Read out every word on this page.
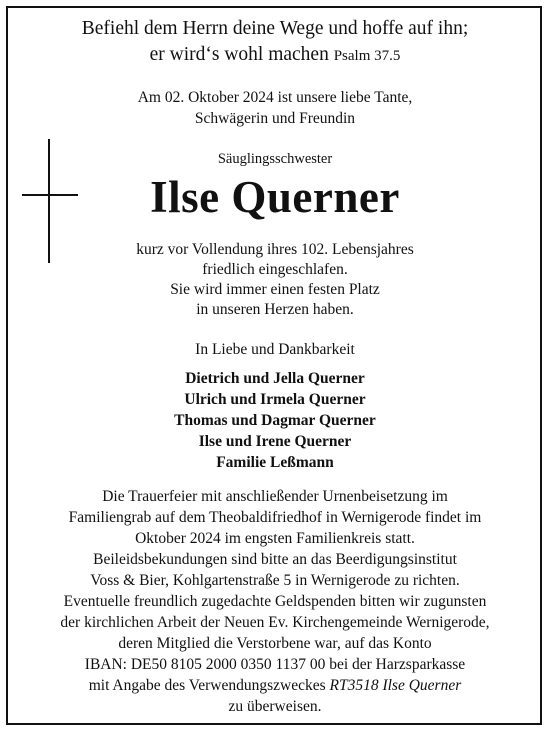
Befiehl dem Herrn deine Wege und hoffe auf ihn;
er wird‘s wohl machen Psalm 37.5
Am 02. Oktober 2024 ist unsere liebe Tante,
Schwägerin und Freundin
Säuglingsschwester
Ilse Querner
kurz vor Vollendung ihres 102. Lebensjahres
friedlich eingeschlafen.
Sie wird immer einen festen Platz
in unseren Herzen haben.
In Liebe und Dankbarkeit
Dietrich und Jella Querner
Ulrich und Irmela Querner
Thomas und Dagmar Querner
Ilse und Irene Querner
Familie Leßmann
Die Trauerfeier mit anschließender Urnenbeisetzung im
Familiengrab auf dem Theobaldifriedhof in Wernigerode findet im
Oktober 2024 im engsten Familienkreis statt.
Beileidsbekundungen sind bitte an das Beerdigungsinstitut
Voss & Bier, Kohlgartenstraße 5 in Wernigerode zu richten.
Eventuelle freundlich zugedachte Geldspenden bitten wir zugunsten
der kirchlichen Arbeit der Neuen Ev. Kirchengemeinde Wernigerode,
deren Mitglied die Verstorbene war, auf das Konto
IBAN: DE50 8105 2000 0350 1137 00 bei der Harzsparkasse
mit Angabe des Verwendungszweckes RT3518 Ilse Querner
zu überweisen.
